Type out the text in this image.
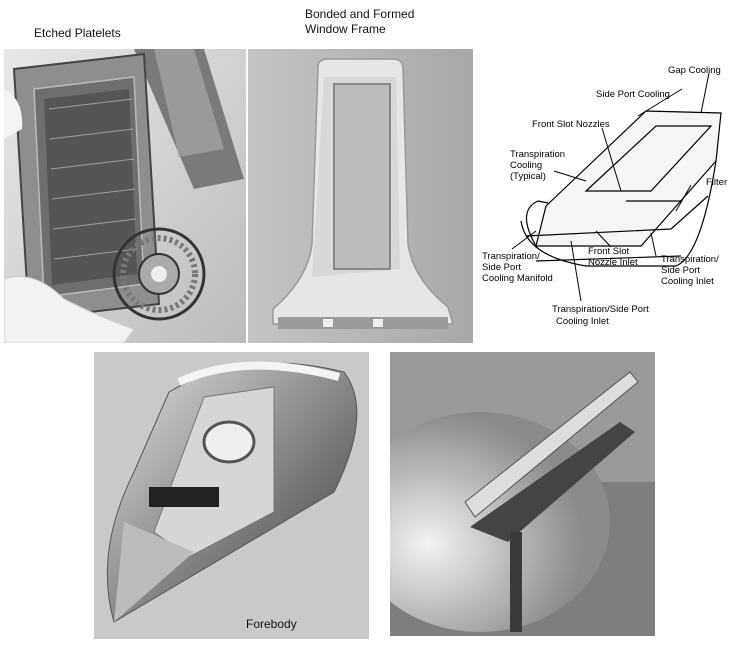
Etched Platelets
Bonded and Formed
Window Frame
Gap Cooling
Side Port Cooling
Front Slot Nozzles
Transpiration
Cooling
(Typical)
Filter
Front Slot
Nozzle Inlet
Transpiration/
Side Port
Cooling Manifold
Transpiration/
Side Port
Cooling Inlet
Transpiration/Side Port
Cooling Inlet
Forebody
